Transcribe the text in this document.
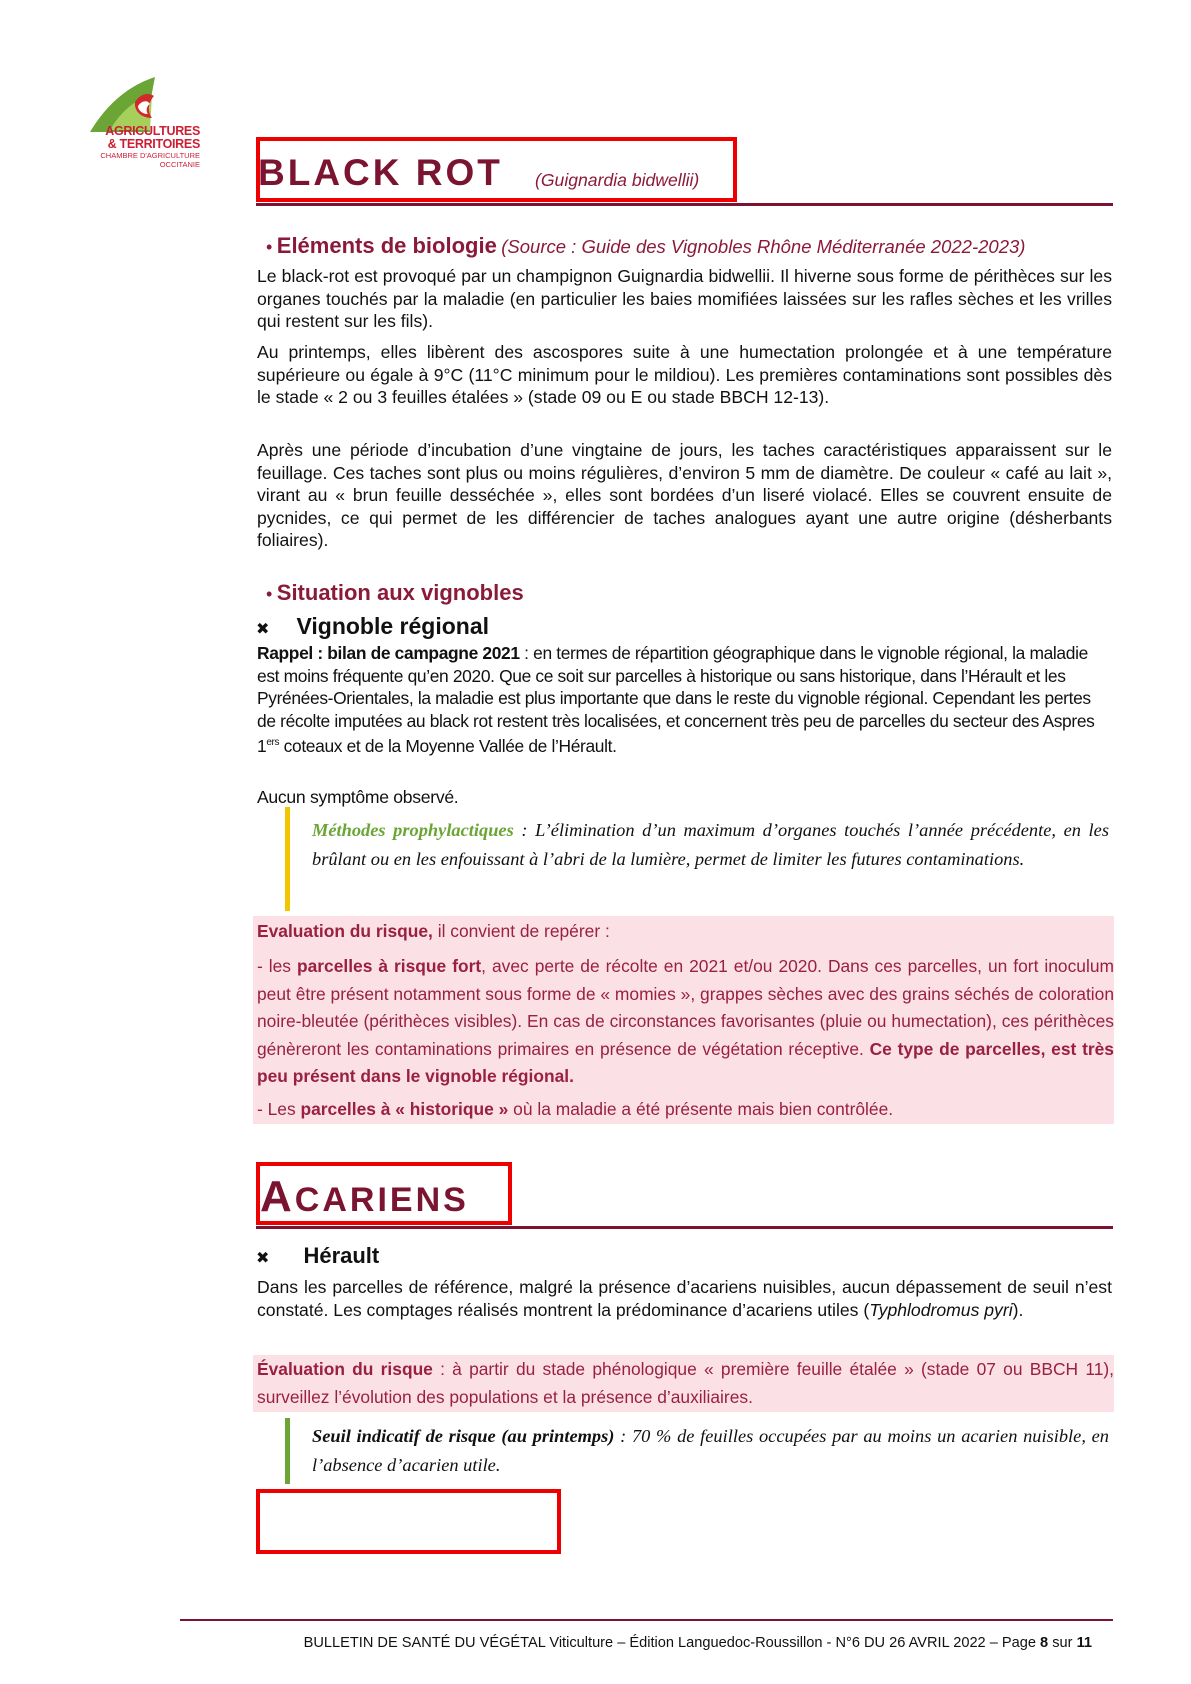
AGRICULTURES
& TERRITOIRES
CHAMBRE D'AGRICULTURE
OCCITANIE BLACK ROT (Guignardia bidwellii)
• Eléments de biologie (Source : Guide des Vignobles Rhône Méditerranée 2022-2023)

Le black-rot est provoqué par un champignon Guignardia bidwellii. Il hiverne sous forme de périthèces sur les organes touchés par la maladie (en particulier les baies momifiées laissées sur les rafles sèches et les vrilles qui restent sur les fils).

Au printemps, elles libèrent des ascospores suite à une humectation prolongée et à une température supérieure ou égale à 9°C (11°C minimum pour le mildiou). Les premières contaminations sont possibles dès le stade « 2 ou 3 feuilles étalées » (stade 09 ou E ou stade BBCH 12-13).

Après une période d’incubation d’une vingtaine de jours, les taches caractéristiques apparaissent sur le feuillage. Ces taches sont plus ou moins régulières, d’environ 5 mm de diamètre. De couleur « café au lait », virant au « brun feuille desséchée », elles sont bordées d’un liseré violacé. Elles se couvrent ensuite de pycnides, ce qui permet de les différencier de taches analogues ayant une autre origine (désherbants foliaires).

• Situation aux vignobles
✖ Vignoble régional

Rappel : bilan de campagne 2021 : en termes de répartition géographique dans le vignoble régional, la maladie est moins fréquente qu’en 2020. Que ce soit sur parcelles à historique ou sans historique, dans l’Hérault et les Pyrénées-Orientales, la maladie est plus importante que dans le reste du vignoble régional. Cependant les pertes de récolte imputées au black rot restent très localisées, et concernent très peu de parcelles du secteur des Aspres 1ers coteaux et de la Moyenne Vallée de l’Hérault.

Aucun symptôme observé.

Méthodes prophylactiques : L’élimination d’un maximum d’organes touchés l’année précédente, en les brûlant ou en les enfouissant à l’abri de la lumière, permet de limiter les futures contaminations.

Evaluation du risque, il convient de repérer :

- les parcelles à risque fort, avec perte de récolte en 2021 et/ou 2020. Dans ces parcelles, un fort inoculum peut être présent notamment sous forme de « momies », grappes sèches avec des grains séchés de coloration noire-bleutée (périthèces visibles). En cas de circonstances favorisantes (pluie ou humectation), ces périthèces génèreront les contaminations primaires en présence de végétation réceptive. Ce type de parcelles, est très peu présent dans le vignoble régional.

- Les parcelles à « historique » où la maladie a été présente mais bien contrôlée.

ACARIENS
✖ Hérault

Dans les parcelles de référence, malgré la présence d’acariens nuisibles, aucun dépassement de seuil n’est constaté. Les comptages réalisés montrent la prédominance d’acariens utiles (Typhlodromus pyri).

Évaluation du risque : à partir du stade phénologique « première feuille étalée » (stade 07 ou BBCH 11), surveillez l’évolution des populations et la présence d’auxiliaires.

Seuil indicatif de risque (au printemps) : 70 % de feuilles occupées par au moins un acarien nuisible, en l’absence d’acarien utile.
BULLETIN DE SANTÉ DU VÉGÉTAL Viticulture – Édition Languedoc-Roussillon - N°6 DU 26 AVRIL 2022 – Page 8 sur 11
